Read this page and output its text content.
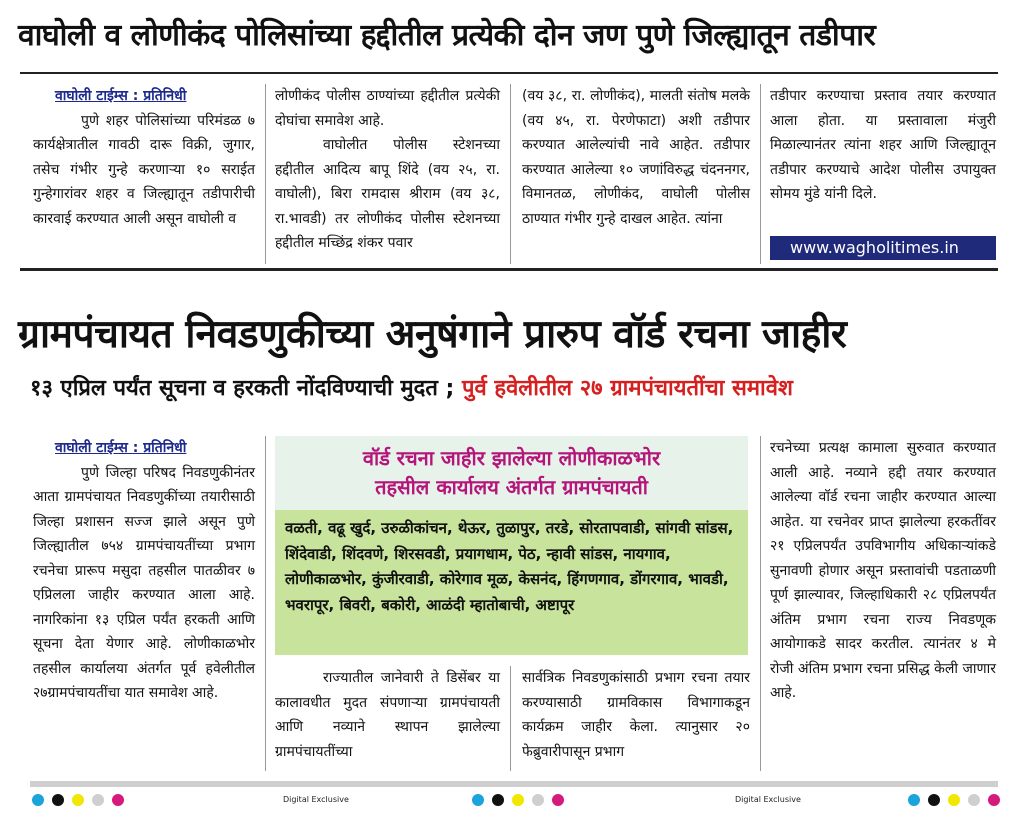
वाघोली व लोणीकंद पोलिसांच्या हद्दीतील प्रत्येकी दोन जण पुणे जिल्ह्यातून तडीपार
वाघोली टाईम्स : प्रतिनिधी

पुणे शहर पोलिसांच्या परिमंडळ ७ कार्यक्षेत्रातील गावठी दारू विक्री, जुगार, तसेच गंभीर गुन्हे करणाऱ्या १० सराईत गुन्हेगारांवर शहर व जिल्ह्यातून तडीपारीची कारवाई करण्यात आली असून वाघोली व

लोणीकंद पोलीस ठाण्यांच्या हद्दीतील प्रत्येकी दोघांचा समावेश आहे.

वाघोलीत पोलीस स्टेशनच्या हद्दीतील आदित्य बापू शिंदे (वय २५, रा. वाघोली), बिरा रामदास श्रीराम (वय ३८, रा.भावडी) तर लोणीकंद पोलीस स्टेशनच्या हद्दीतील मच्छिंद्र शंकर पवार

(वय ३८, रा. लोणीकंद), मालती संतोष मलके (वय ४५, रा. पेरणेफाटा) अशी तडीपार करण्यात आलेल्यांची नावे आहेत. तडीपार करण्यात आलेल्या १० जणांविरुद्ध चंदननगर, विमानतळ, लोणीकंद, वाघोली पोलीस ठाण्यात गंभीर गुन्हे दाखल आहेत. त्यांना

तडीपार करण्याचा प्रस्ताव तयार करण्यात आला होता. या प्रस्तावाला मंजुरी मिळाल्यानंतर त्यांना शहर आणि जिल्ह्यातून तडीपार करण्याचे आदेश पोलीस उपायुक्त सोमय मुंडे यांनी दिले.

www.wagholitimes.in
ग्रामपंचायत निवडणुकीच्या अनुषंगाने प्रारुप वॉर्ड रचना जाहीर
१३ एप्रिल पर्यंत सूचना व हरकती नोंदविण्याची मुदत ; पुर्व हवेलीतील २७ ग्रामपंचायतींचा समावेश
वाघोली टाईम्स : प्रतिनिधी

पुणे जिल्हा परिषद निवडणुकीनंतर आता ग्रामपंचायत निवडणुकींच्या तयारीसाठी जिल्हा प्रशासन सज्ज झाले असून पुणे जिल्ह्यातील ७५४ ग्रामपंचायतींच्या प्रभाग रचनेचा प्रारूप मसुदा तहसील पातळीवर ७ एप्रिलला जाहीर करण्यात आला आहे. नागरिकांना १३ एप्रिल पर्यंत हरकती आणि सूचना देता येणार आहे. लोणीकाळभोर तहसील कार्यालया अंतर्गत पूर्व हवेलीतील २७ग्रामपंचायतींचा यात समावेश आहे.

वॉर्ड रचना जाहीर झालेल्या लोणीकाळभोर
तहसील कार्यालय अंतर्गत ग्रामपंचायती
वळती, वढू खुर्द, उरुळीकांचन, थेऊर, तुळापुर, तरडे, सोरतापवाडी, सांगवी सांडस, शिंदेवाडी, शिंदवणे, शिरसवडी, प्रयागधाम, पेठ, न्हावी सांडस, नायगाव, लोणीकाळभोर, कुंजीरवाडी, कोरेगाव मूळ, केसनंद, हिंगणगाव, डोंगरगाव, भावडी, भवरापूर, बिवरी, बकोरी, आळंदी म्हातोबाची, अष्टापूर

राज्यातील जानेवारी ते डिसेंबर या कालावधीत मुदत संपणाऱ्या ग्रामपंचायती आणि नव्याने स्थापन झालेल्या ग्रामपंचायतींच्या

सार्वत्रिक निवडणुकांसाठी प्रभाग रचना तयार करण्यासाठी ग्रामविकास विभागाकडून कार्यक्रम जाहीर केला. त्यानुसार २० फेब्रुवारीपासून प्रभाग

रचनेच्या प्रत्यक्ष कामाला सुरुवात करण्यात आली आहे. नव्याने हद्दी तयार करण्यात आलेल्या वॉर्ड रचना जाहीर करण्यात आल्या आहेत. या रचनेवर प्राप्त झालेल्या हरकतींवर २१ एप्रिलपर्यंत उपविभागीय अधिकाऱ्यांकडे सुनावणी होणार असून प्रस्तावांची पडताळणी पूर्ण झाल्यावर, जिल्हाधिकारी २८ एप्रिलपर्यंत अंतिम प्रभाग रचना राज्य निवडणूक आयोगाकडे सादर करतील. त्यानंतर ४ मे रोजी अंतिम प्रभाग रचना प्रसिद्ध केली जाणार आहे.

Digital Exclusive	Digital Exclusive
